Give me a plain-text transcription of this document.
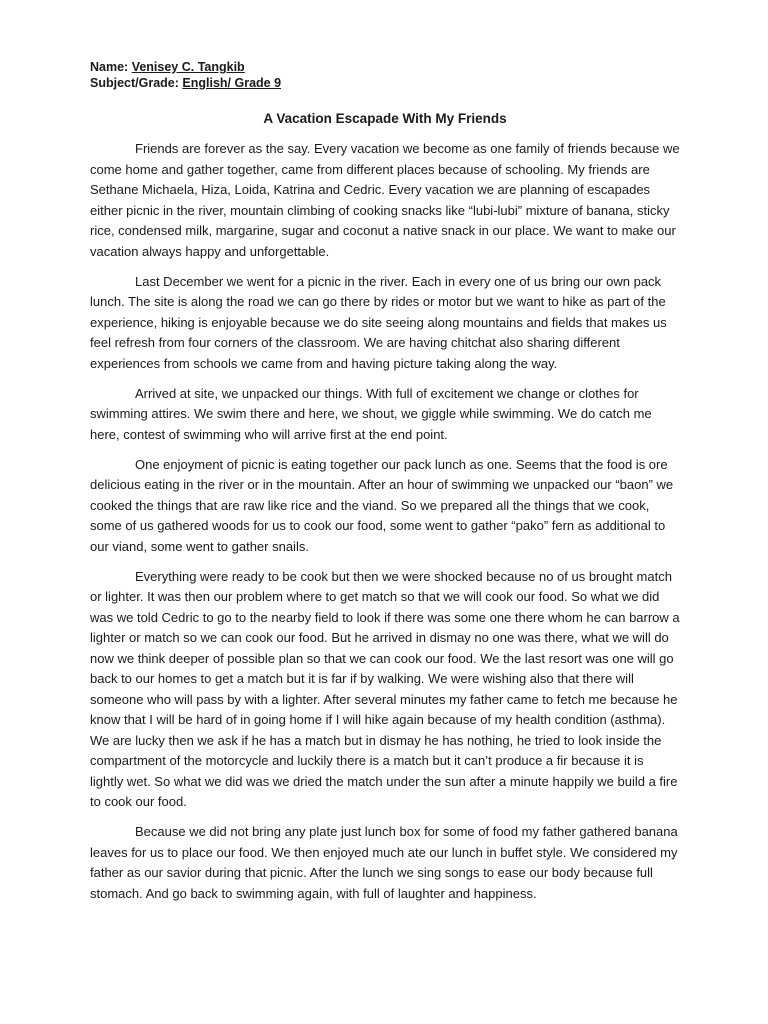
Name: Venisey C. Tangkib
Subject/Grade: English/ Grade 9
A Vacation Escapade With My Friends

Friends are forever as the say. Every vacation we become as one family of friends because we come home and gather together, came from different places because of schooling. My friends are Sethane Michaela, Hiza, Loida, Katrina and Cedric. Every vacation we are planning of escapades either picnic in the river, mountain climbing of cooking snacks like “lubi-lubi” mixture of banana, sticky rice, condensed milk, margarine, sugar and coconut a native snack in our place. We want to make our vacation always happy and unforgettable.

Last December we went for a picnic in the river. Each in every one of us bring our own pack lunch. The site is along the road we can go there by rides or motor but we want to hike as part of the experience, hiking is enjoyable because we do site seeing along mountains and fields that makes us feel refresh from four corners of the classroom. We are having chitchat also sharing different experiences from schools we came from and having picture taking along the way.

Arrived at site, we unpacked our things. With full of excitement we change or clothes for swimming attires. We swim there and here, we shout, we giggle while swimming. We do catch me here, contest of swimming who will arrive first at the end point.

One enjoyment of picnic is eating together our pack lunch as one. Seems that the food is ore delicious eating in the river or in the mountain. After an hour of swimming we unpacked our “baon” we cooked the things that are raw like rice and the viand. So we prepared all the things that we cook, some of us gathered woods for us to cook our food, some went to gather “pako” fern as additional to our viand, some went to gather snails.

Everything were ready to be cook but then we were shocked because no of us brought match or lighter. It was then our problem where to get match so that we will cook our food. So what we did was we told Cedric to go to the nearby field to look if there was some one there whom he can barrow a lighter or match so we can cook our food. But he arrived in dismay no one was there, what we will do now we think deeper of possible plan so that we can cook our food. We the last resort was one will go back to our homes to get a match but it is far if by walking. We were wishing also that there will someone who will pass by with a lighter. After several minutes my father came to fetch me because he know that I will be hard of in going home if I will hike again because of my health condition (asthma). We are lucky then we ask if he has a match but in dismay he has nothing, he tried to look inside the compartment of the motorcycle and luckily there is a match but it can’t produce a fir because it is lightly wet. So what we did was we dried the match under the sun after a minute happily we build a fire to cook our food.

Because we did not bring any plate just lunch box for some of food my father gathered banana leaves for us to place our food. We then enjoyed much ate our lunch in buffet style. We considered my father as our savior during that picnic. After the lunch we sing songs to ease our body because full stomach. And go back to swimming again, with full of laughter and happiness.
